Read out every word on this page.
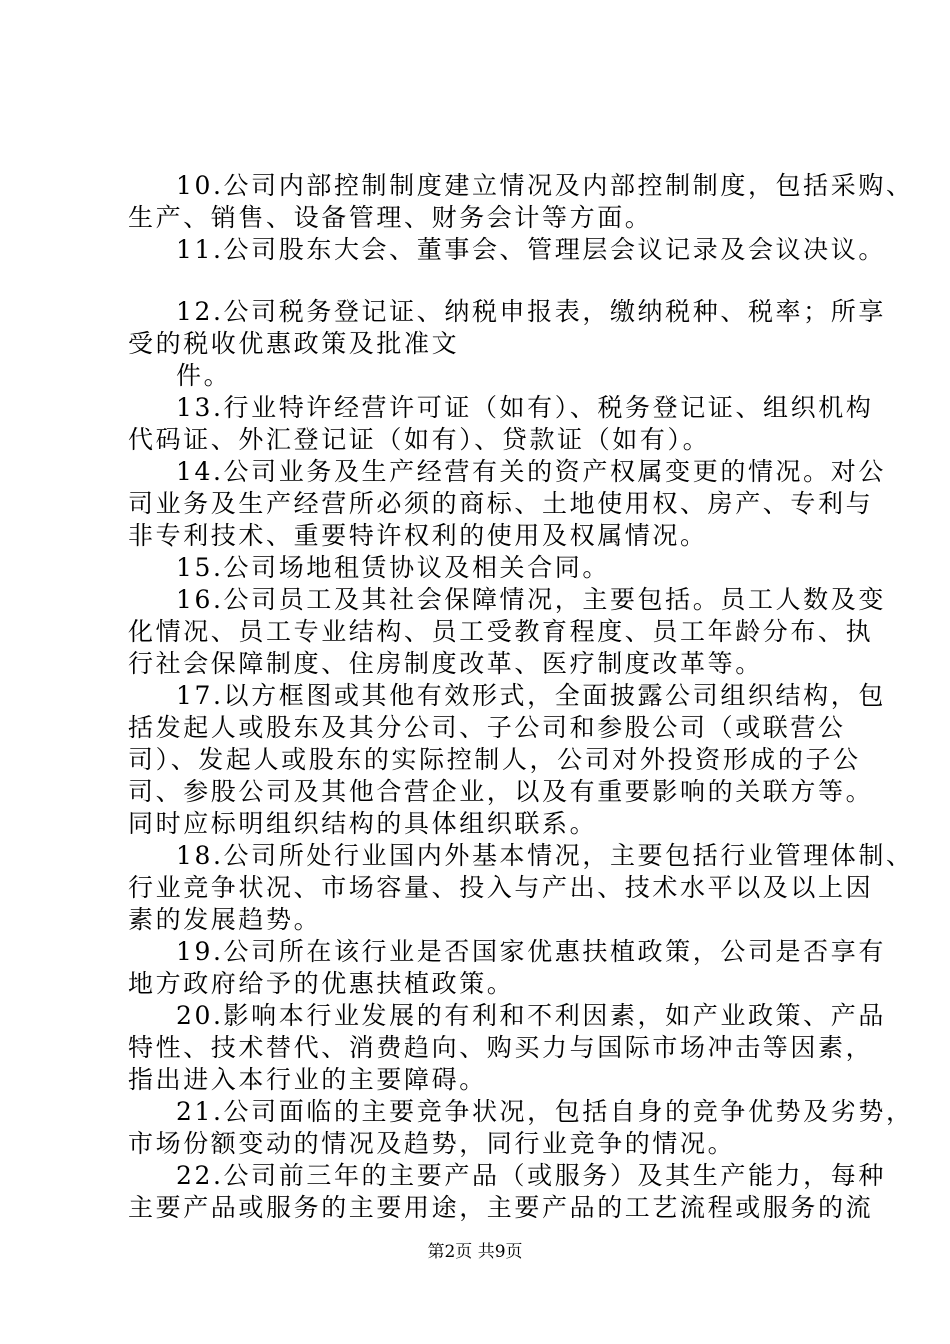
10.公司内部控制制度建立情况及内部控制制度，包括采购、
生产、销售、设备管理、财务会计等方面。
11.公司股东大会、董事会、管理层会议记录及会议决议。
12.公司税务登记证、纳税申报表，缴纳税种、税率；所享
受的税收优惠政策及批准文
件。
13.行业特许经营许可证（如有）、税务登记证、组织机构
代码证、外汇登记证（如有）、贷款证（如有）。
14.公司业务及生产经营有关的资产权属变更的情况。对公
司业务及生产经营所必须的商标、土地使用权、房产、专利与
非专利技术、重要特许权利的使用及权属情况。
15.公司场地租赁协议及相关合同。
16.公司员工及其社会保障情况，主要包括。员工人数及变
化情况、员工专业结构、员工受教育程度、员工年龄分布、执
行社会保障制度、住房制度改革、医疗制度改革等。
17.以方框图或其他有效形式，全面披露公司组织结构，包
括发起人或股东及其分公司、子公司和参股公司（或联营公
司）、发起人或股东的实际控制人，公司对外投资形成的子公
司、参股公司及其他合营企业，以及有重要影响的关联方等。
同时应标明组织结构的具体组织联系。
18.公司所处行业国内外基本情况，主要包括行业管理体制、
行业竞争状况、市场容量、投入与产出、技术水平以及以上因
素的发展趋势。
19.公司所在该行业是否国家优惠扶植政策，公司是否享有
地方政府给予的优惠扶植政策。
20.影响本行业发展的有利和不利因素，如产业政策、产品
特性、技术替代、消费趋向、购买力与国际市场冲击等因素，
指出进入本行业的主要障碍。
21.公司面临的主要竞争状况，包括自身的竞争优势及劣势，
市场份额变动的情况及趋势，同行业竞争的情况。
22.公司前三年的主要产品（或服务）及其生产能力，每种
主要产品或服务的主要用途，主要产品的工艺流程或服务的流
第2页 共9页
